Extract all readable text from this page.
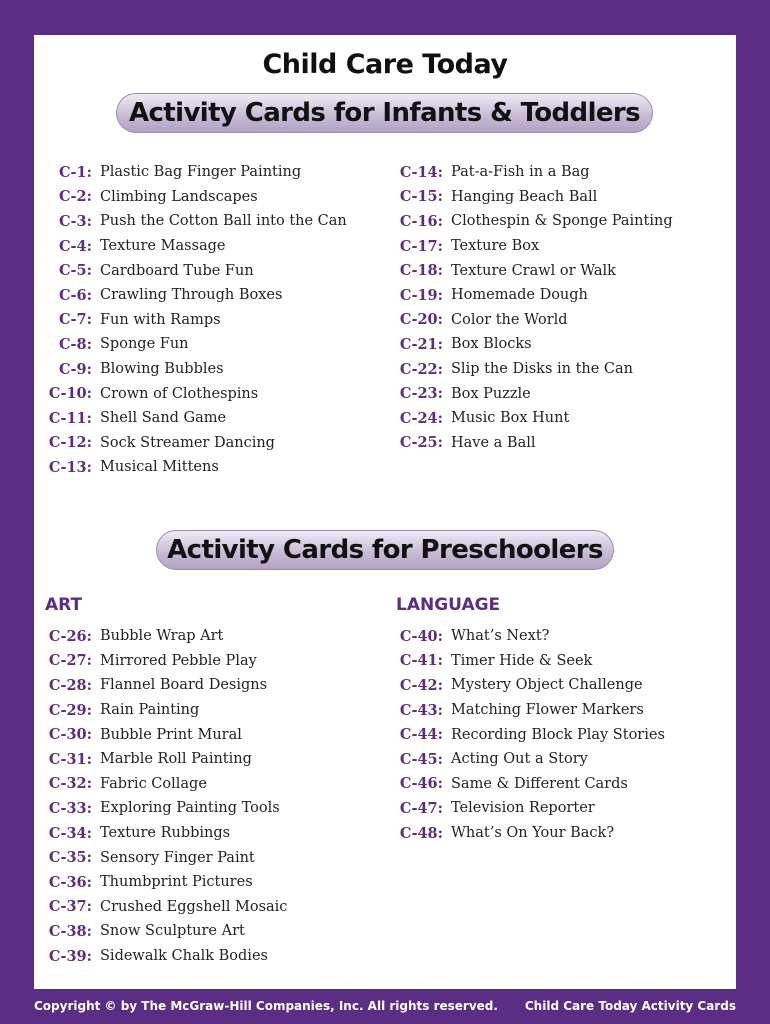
Child Care Today
Activity Cards for Infants & Toddlers
C-1: Plastic Bag Finger Painting
C-2: Climbing Landscapes
C-3: Push the Cotton Ball into the Can
C-4: Texture Massage
C-5: Cardboard Tube Fun
C-6: Crawling Through Boxes
C-7: Fun with Ramps
C-8: Sponge Fun
C-9: Blowing Bubbles
C-10: Crown of Clothespins
C-11: Shell Sand Game
C-12: Sock Streamer Dancing
C-13: Musical Mittens
C-14: Pat-a-Fish in a Bag
C-15: Hanging Beach Ball
C-16: Clothespin & Sponge Painting
C-17: Texture Box
C-18: Texture Crawl or Walk
C-19: Homemade Dough
C-20: Color the World
C-21: Box Blocks
C-22: Slip the Disks in the Can
C-23: Box Puzzle
C-24: Music Box Hunt
C-25: Have a Ball
Activity Cards for Preschoolers
ART	LANGUAGE
C-26: Bubble Wrap Art
C-27: Mirrored Pebble Play
C-28: Flannel Board Designs
C-29: Rain Painting
C-30: Bubble Print Mural
C-31: Marble Roll Painting
C-32: Fabric Collage
C-33: Exploring Painting Tools
C-34: Texture Rubbings
C-35: Sensory Finger Paint
C-36: Thumbprint Pictures
C-37: Crushed Eggshell Mosaic
C-38: Snow Sculpture Art
C-39: Sidewalk Chalk Bodies
C-40: What’s Next?
C-41: Timer Hide & Seek
C-42: Mystery Object Challenge
C-43: Matching Flower Markers
C-44: Recording Block Play Stories
C-45: Acting Out a Story
C-46: Same & Different Cards
C-47: Television Reporter
C-48: What’s On Your Back?
Copyright © by The McGraw-Hill Companies, Inc. All rights reserved. Child Care Today Activity Cards
